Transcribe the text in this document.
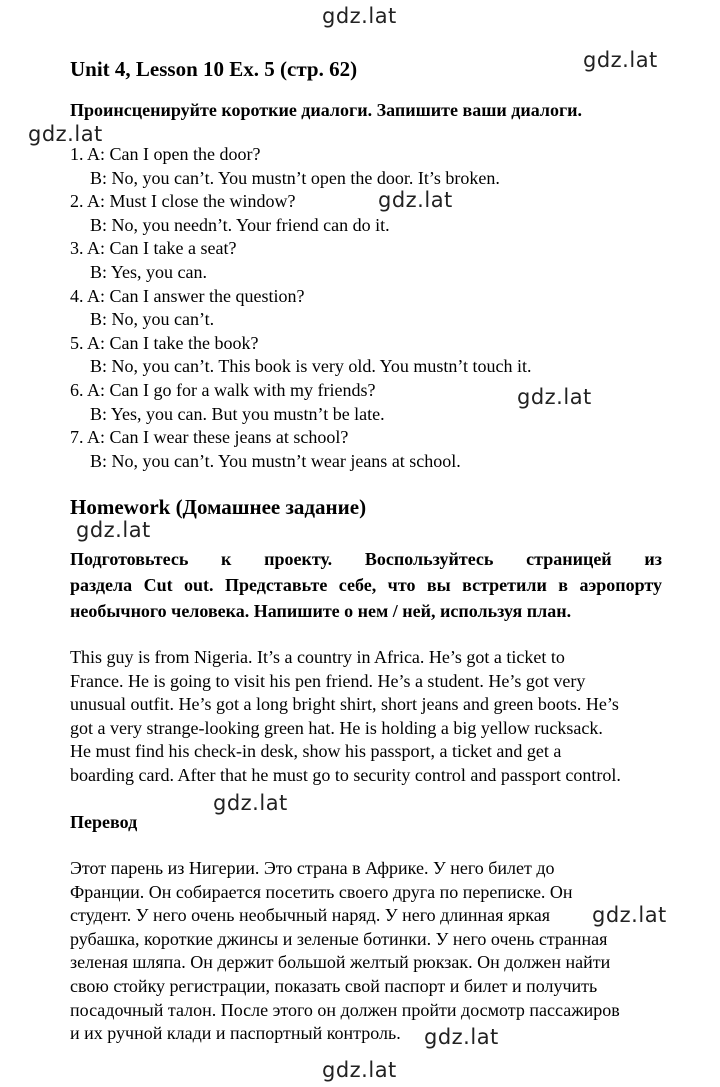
gdz.lat
gdz.lat
gdz.lat
gdz.lat
gdz.lat
gdz.lat
gdz.lat
gdz.lat
gdz.lat
gdz.lat
Unit 4, Lesson 10 Ex. 5 (стр. 62)
Проинсценируйте короткие диалоги. Запишите ваши диалоги.
1. A: Can I open the door?
B: No, you can’t. You mustn’t open the door. It’s broken.
2. A: Must I close the window?
B: No, you needn’t. Your friend can do it.
3. A: Can I take a seat?
B: Yes, you can.
4. A: Can I answer the question?
B: No, you can’t.
5. A: Can I take the book?
B: No, you can’t. This book is very old. You mustn’t touch it.
6. A: Can I go for a walk with my friends?
B: Yes, you can. But you mustn’t be late.
7. A: Can I wear these jeans at school?
B: No, you can’t. You mustn’t wear jeans at school.
Homework (Домашнее задание)
Подготовьтесь к проекту. Воспользуйтесь страницей из
раздела Cut out. Представьте себе, что вы встретили в аэропорту
необычного человека. Напишите о нем / ней, используя план.
This guy is from Nigeria. It’s a country in Africa. He’s got a ticket to
France. He is going to visit his pen friend. He’s a student. He’s got very
unusual outfit. He’s got a long bright shirt, short jeans and green boots. He’s
got a very strange-looking green hat. He is holding a big yellow rucksack.
He must find his check-in desk, show his passport, a ticket and get a
boarding card. After that he must go to security control and passport control.
Перевод
Этот парень из Нигерии. Это страна в Африке. У него билет до
Франции. Он собирается посетить своего друга по переписке. Он
студент. У него очень необычный наряд. У него длинная яркая
рубашка, короткие джинсы и зеленые ботинки. У него очень странная
зеленая шляпа. Он держит большой желтый рюкзак. Он должен найти
свою стойку регистрации, показать свой паспорт и билет и получить
посадочный талон. После этого он должен пройти досмотр пассажиров
и их ручной клади и паспортный контроль.
